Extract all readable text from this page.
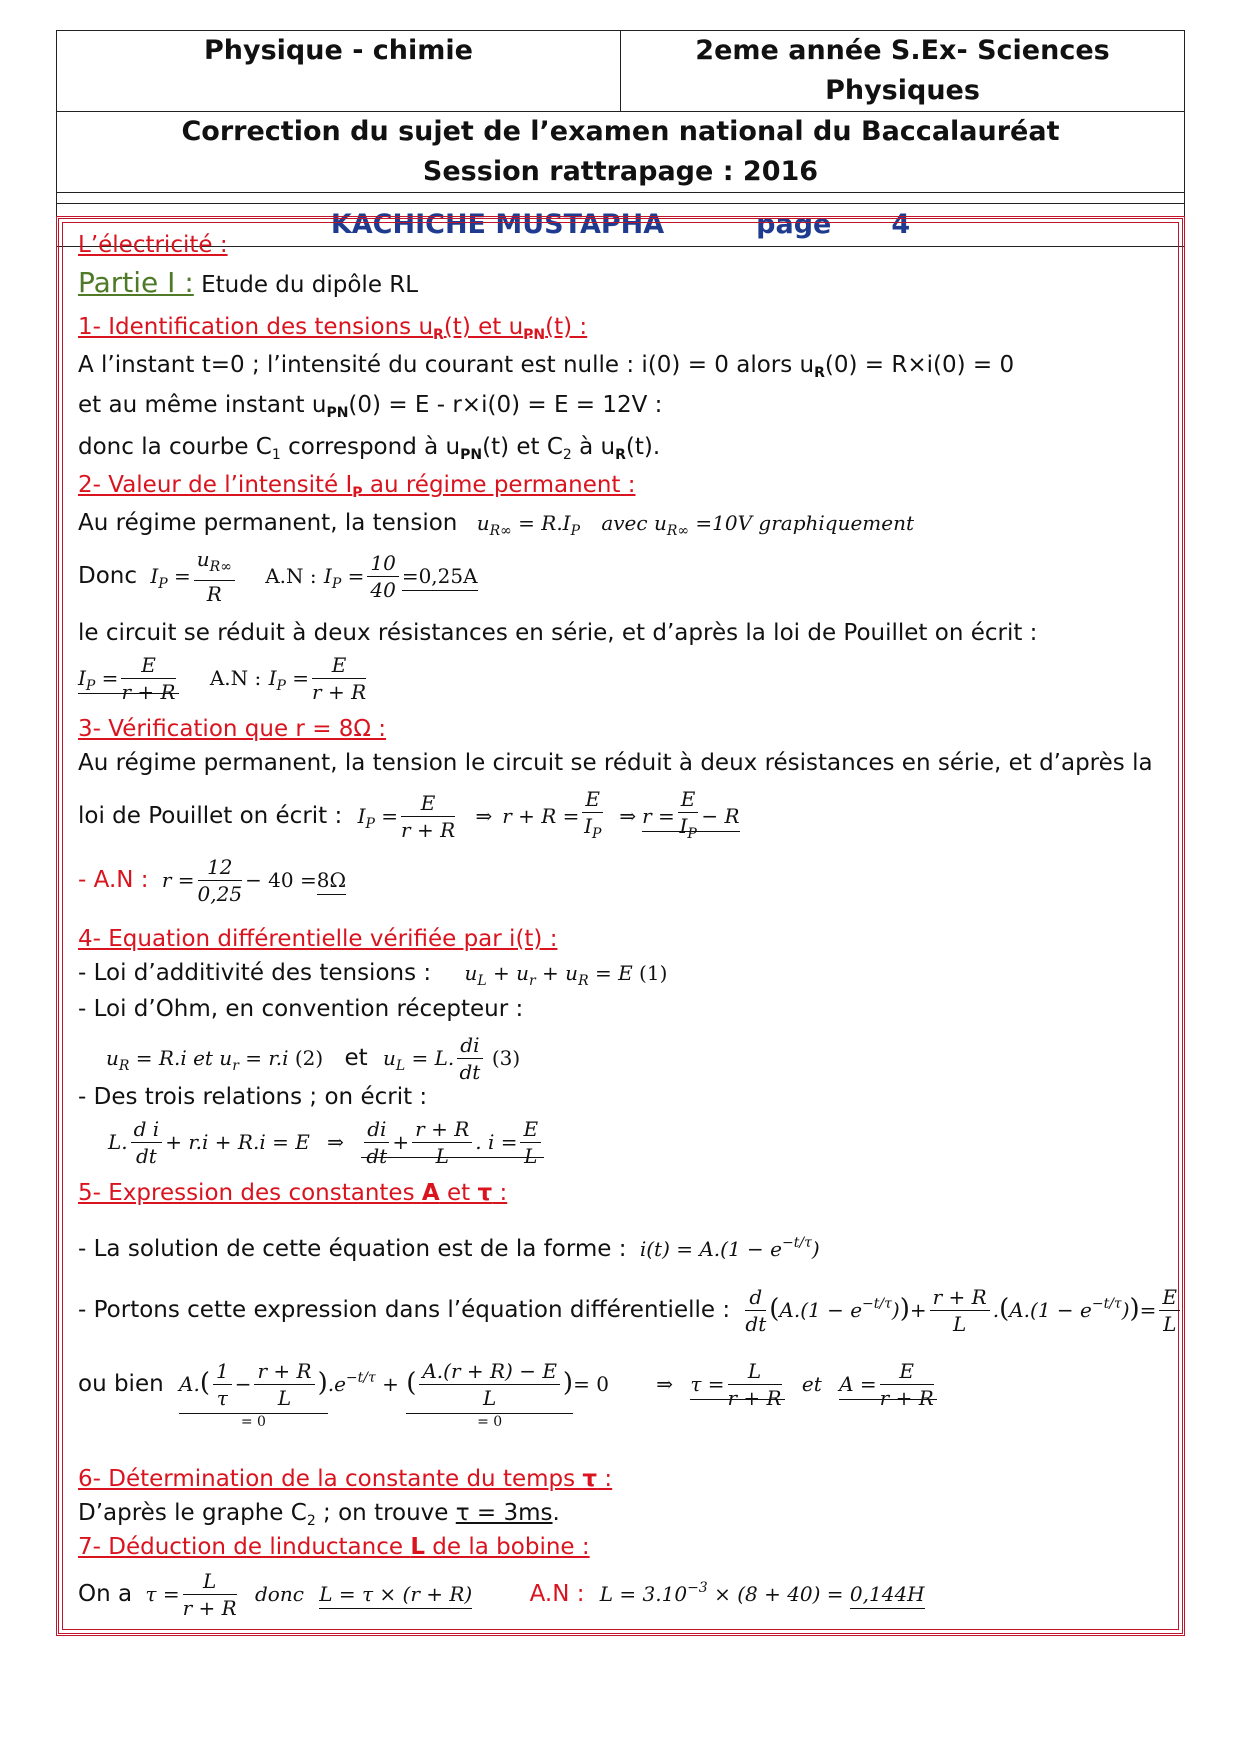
Physique - chimie	2eme année S.Ex- Sciences Physiques
Correction du sujet de l’examen national du Baccalauréat
Session rattrapage : 2016
KACHICHE MUSTAPHA	page 4
L’électricité :
Partie I : Etude du dipôle RL
1- Identification des tensions $u_R(t)$ et $u_{PN}(t)$ :
A l’instant t=0 ; l’intensité du courant est nulle : i(0) = 0 alors $u_R(0) = R\times i(0) = 0$
et au même instant $u_{PN}(0) = E - r\times i(0) = E = 12V$ :
donc la courbe $C_1$ correspond à $u_{PN}(t)$ et $C_2$ à $u_R(t)$.
2- Valeur de l’intensité $I_P$ au régime permanent :
Au régime permanent, la tension $u_{R\infty} = R.I_P$ avec $u_{R\infty} =10V$ graphiquement
Donc $I_P = \frac{u_{R\infty}}{R} A.N$ : $I_P = \frac{10}{40} =0,25A$
le circuit se réduit à deux résistances en série, et d’après la loi de Pouillet on écrit :
$I_P = \frac{E}{r + R} A.N$ : $I_P = \frac{E}{r + R}$
3- Vérification que r = 8Ω :
Au régime permanent, la tension le circuit se réduit à deux résistances en série, et d’après la
loi de Pouillet on écrit : $I_P = \frac{E}{r + R}$ ⇒ $r + R = \frac{E}{I_P}$ ⇒ $r = \frac{E}{I_P} - R$
- A.N : $r = \frac{12}{0,25} - 40 =8\Omega$
4- Equation différentielle vérifiée par i(t) :
- Loi d’additivité des tensions : $u_L + u_r + u_R = E$ (1)
- Loi d’Ohm, en convention récepteur :
$u_R = R.i$ et $u_r = r.i$ (2) et $u_L = L$. $\frac{di}{dt} (3)$
- Des trois relations ; on écrit :
L. $\frac{\text{d i}}{dt} + r.i + R.i = E$ ⇒ $\frac{di}{dt} + \frac{r + R}{L}$ . $i = \frac{E}{L}$
5- Expression des constantes A et τ :
- La solution de cette équation est de la forme : $i(t) = A.(1 - e^{-t/\tau})$
- Portons cette expression dans l’équation différentielle : $\frac{d}{dt} (A.(1 - e^{-t/\tau}))+ \frac{r + R}{L} .(A.(1 - e^{-t/\tau}))= \frac{E}{L}$
ou bien $A.( \frac{1}{\tau} - \frac{r + R}{L}$ )
= 0
$.e^{-t/\tau}$ + ( $\frac{A.(r + R) - E}{L}$ )
= 0
= 0 ⇒ $\tau = \frac{L}{r + R}$ et $A = \frac{E}{r + R}$
6- Détermination de la constante du temps τ :
D’après le graphe $C_2$ ; on trouve τ = 3ms.
7- Déduction de linductance L de la bobine :
On a $\tau = \frac{L}{r + R}$ donc L = τ × (r + R) A.N : $L = 3.10^{-3} \times (8 + 40) = 0,144H$
